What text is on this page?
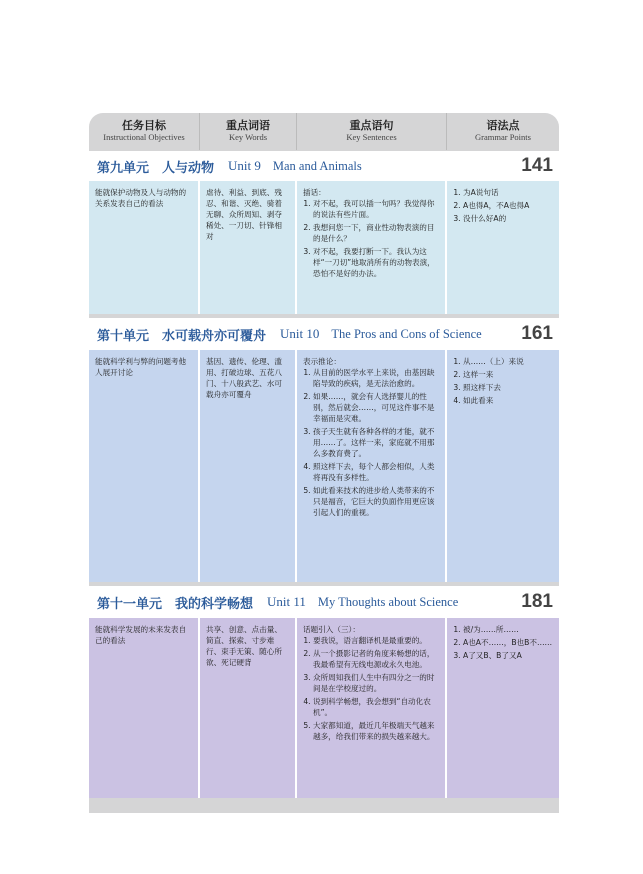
任务目标
Instructional Objectives
重点词语
Key Words
重点语句
Key Sentences
语法点
Grammar Points
第九单元　人与动物 Unit 9 Man and Animals	141
能就保护动物及人与动物的关系发表自己的看法
虐待、利益、到底、残忍、和谐、灭绝、骑着无聊、众所周知、剥夺稀处、一刀切、针锋相对
插话：
1. 对不起，我可以插一句吗？我觉得你的说法有些片面。
2. 我想问您一下，商业性动物表演的目的是什么？
3. 对不起，我要打断一下。我认为这样“一刀切”地取消所有的动物表演，恐怕不是好的办法。
1. 为A说句话
2. A也得A，不A也得A
3. 没什么好A的
第十单元　水可载舟亦可覆舟 Unit 10 The Pros and Cons of Science 161
能就科学利与弊的问题考他人展开讨论
基因、遗传、伦理、滥用、打破边球、五花八门、十八般武艺、水可载舟亦可覆舟
表示推论：
1. 从目前的医学水平上来说，由基因缺陷导致的疾病，是无法治愈的。
2. 如果……，就会有人选择婴儿的性别，然后就会……，可见这件事不是幸福而是灾难。
3. 孩子天生就有各种各样的才能，就不用……了。这样一来，家庭就不用那么多教育费了。
4. 照这样下去，每个人都会相似，人类将再没有多样性。
5. 如此看来技术的进步给人类带来的不只是福音，它巨大的负面作用更应该引起人们的重视。
1. 从……（上）来说
2. 这样一来
3. 照这样下去
4. 如此看来
第十一单元　我的科学畅想 Unit 11 My Thoughts about Science	181
能就科学发展的未来发表自己的看法
共享、创意、点击量、简直、探索、寸步难行、束手无策、随心所欲、死记硬背
话题引入（三）：
1. 要我说，语言翻译机是最重要的。
2. 从一个摄影记者的角度来畅想的话，我最希望有无线电源或永久电池。
3. 众所周知我们人生中有四分之一的时间是在学校度过的。
4. 说到科学畅想，我会想到“自动化农机”。
5. 大家都知道，最近几年极端天气越来越多，给我们带来的损失越来越大。
1. 被/为……所……
2. A也A不……，B也B不……
3. A了又B、B了又A
